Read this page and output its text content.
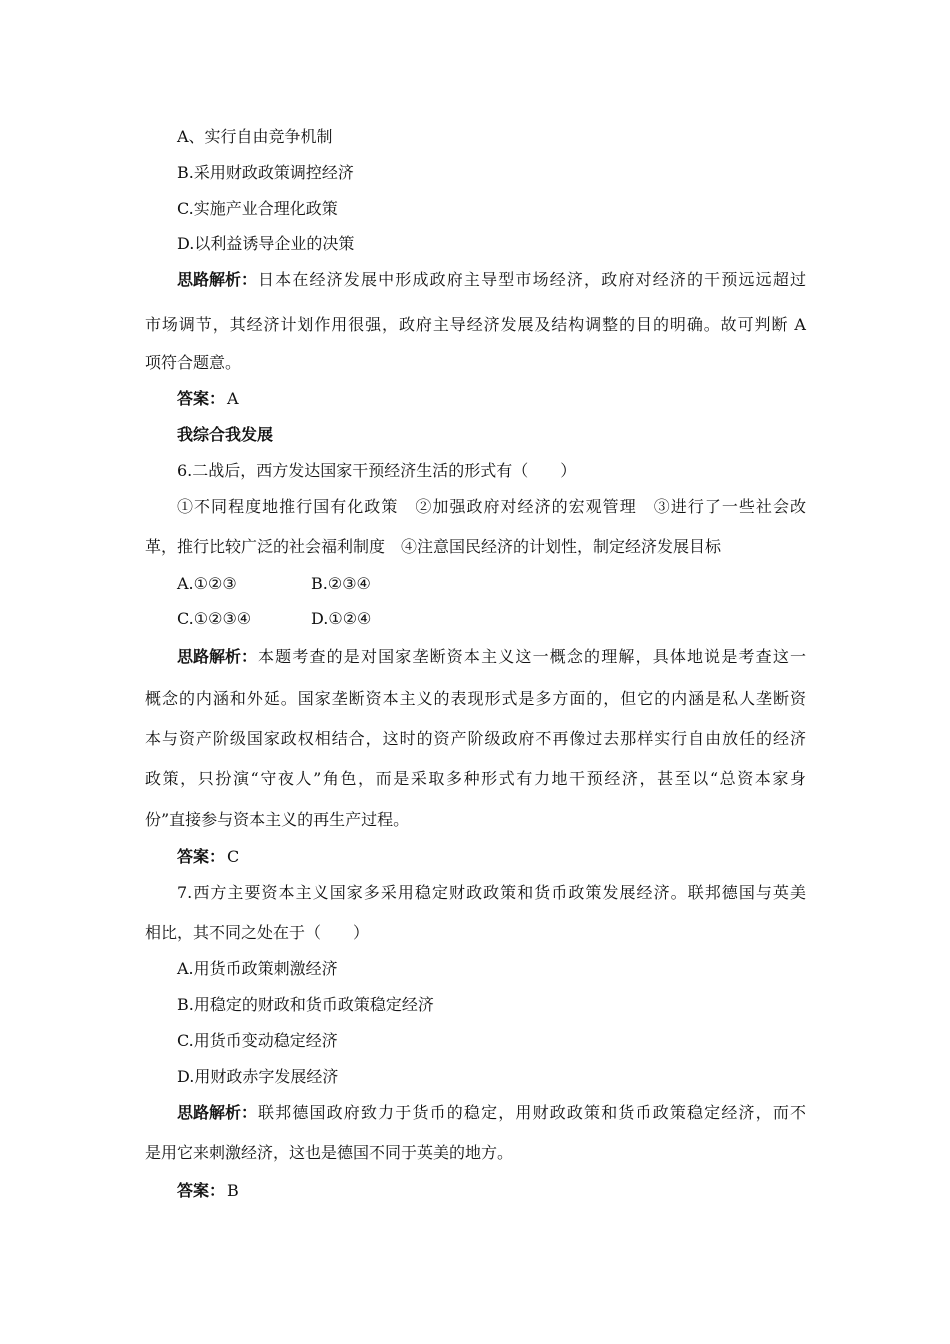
A、实行自由竞争机制
B.采用财政政策调控经济
C.实施产业合理化政策
D.以利益诱导企业的决策
思路解析： 日本在经济发展中形成政府主导型市场经济，政府对经济的干预远远超过
市场调节，其经济计划作用很强，政府主导经济发展及结构调整的目的明确。故可判断 A
项符合题意。
答案： A
我综合我发展
6.二战后，西方发达国家干预经济生活的形式有（　　）
①不同程度地推行国有化政策　②加强政府对经济的宏观管理　③进行了一些社会改
革，推行比较广泛的社会福利制度　④注意国民经济的计划性，制定经济发展目标
A.①②③	B.②③④
C.①②③④	D.①②④
思路解析： 本题考查的是对国家垄断资本主义这一概念的理解，具体地说是考查这一
概念的内涵和外延。国家垄断资本主义的表现形式是多方面的，但它的内涵是私人垄断资
本与资产阶级国家政权相结合，这时的资产阶级政府不再像过去那样实行自由放任的经济
政策，只扮演“守夜人”角色，而是采取多种形式有力地干预经济，甚至以“总资本家身
份”直接参与资本主义的再生产过程。
答案： C
7.西方主要资本主义国家多采用稳定财政政策和货币政策发展经济。联邦德国与英美
相比，其不同之处在于（　　）
A.用货币政策刺激经济
B.用稳定的财政和货币政策稳定经济
C.用货币变动稳定经济
D.用财政赤字发展经济
思路解析： 联邦德国政府致力于货币的稳定，用财政政策和货币政策稳定经济，而不
是用它来刺激经济，这也是德国不同于英美的地方。
答案： B
